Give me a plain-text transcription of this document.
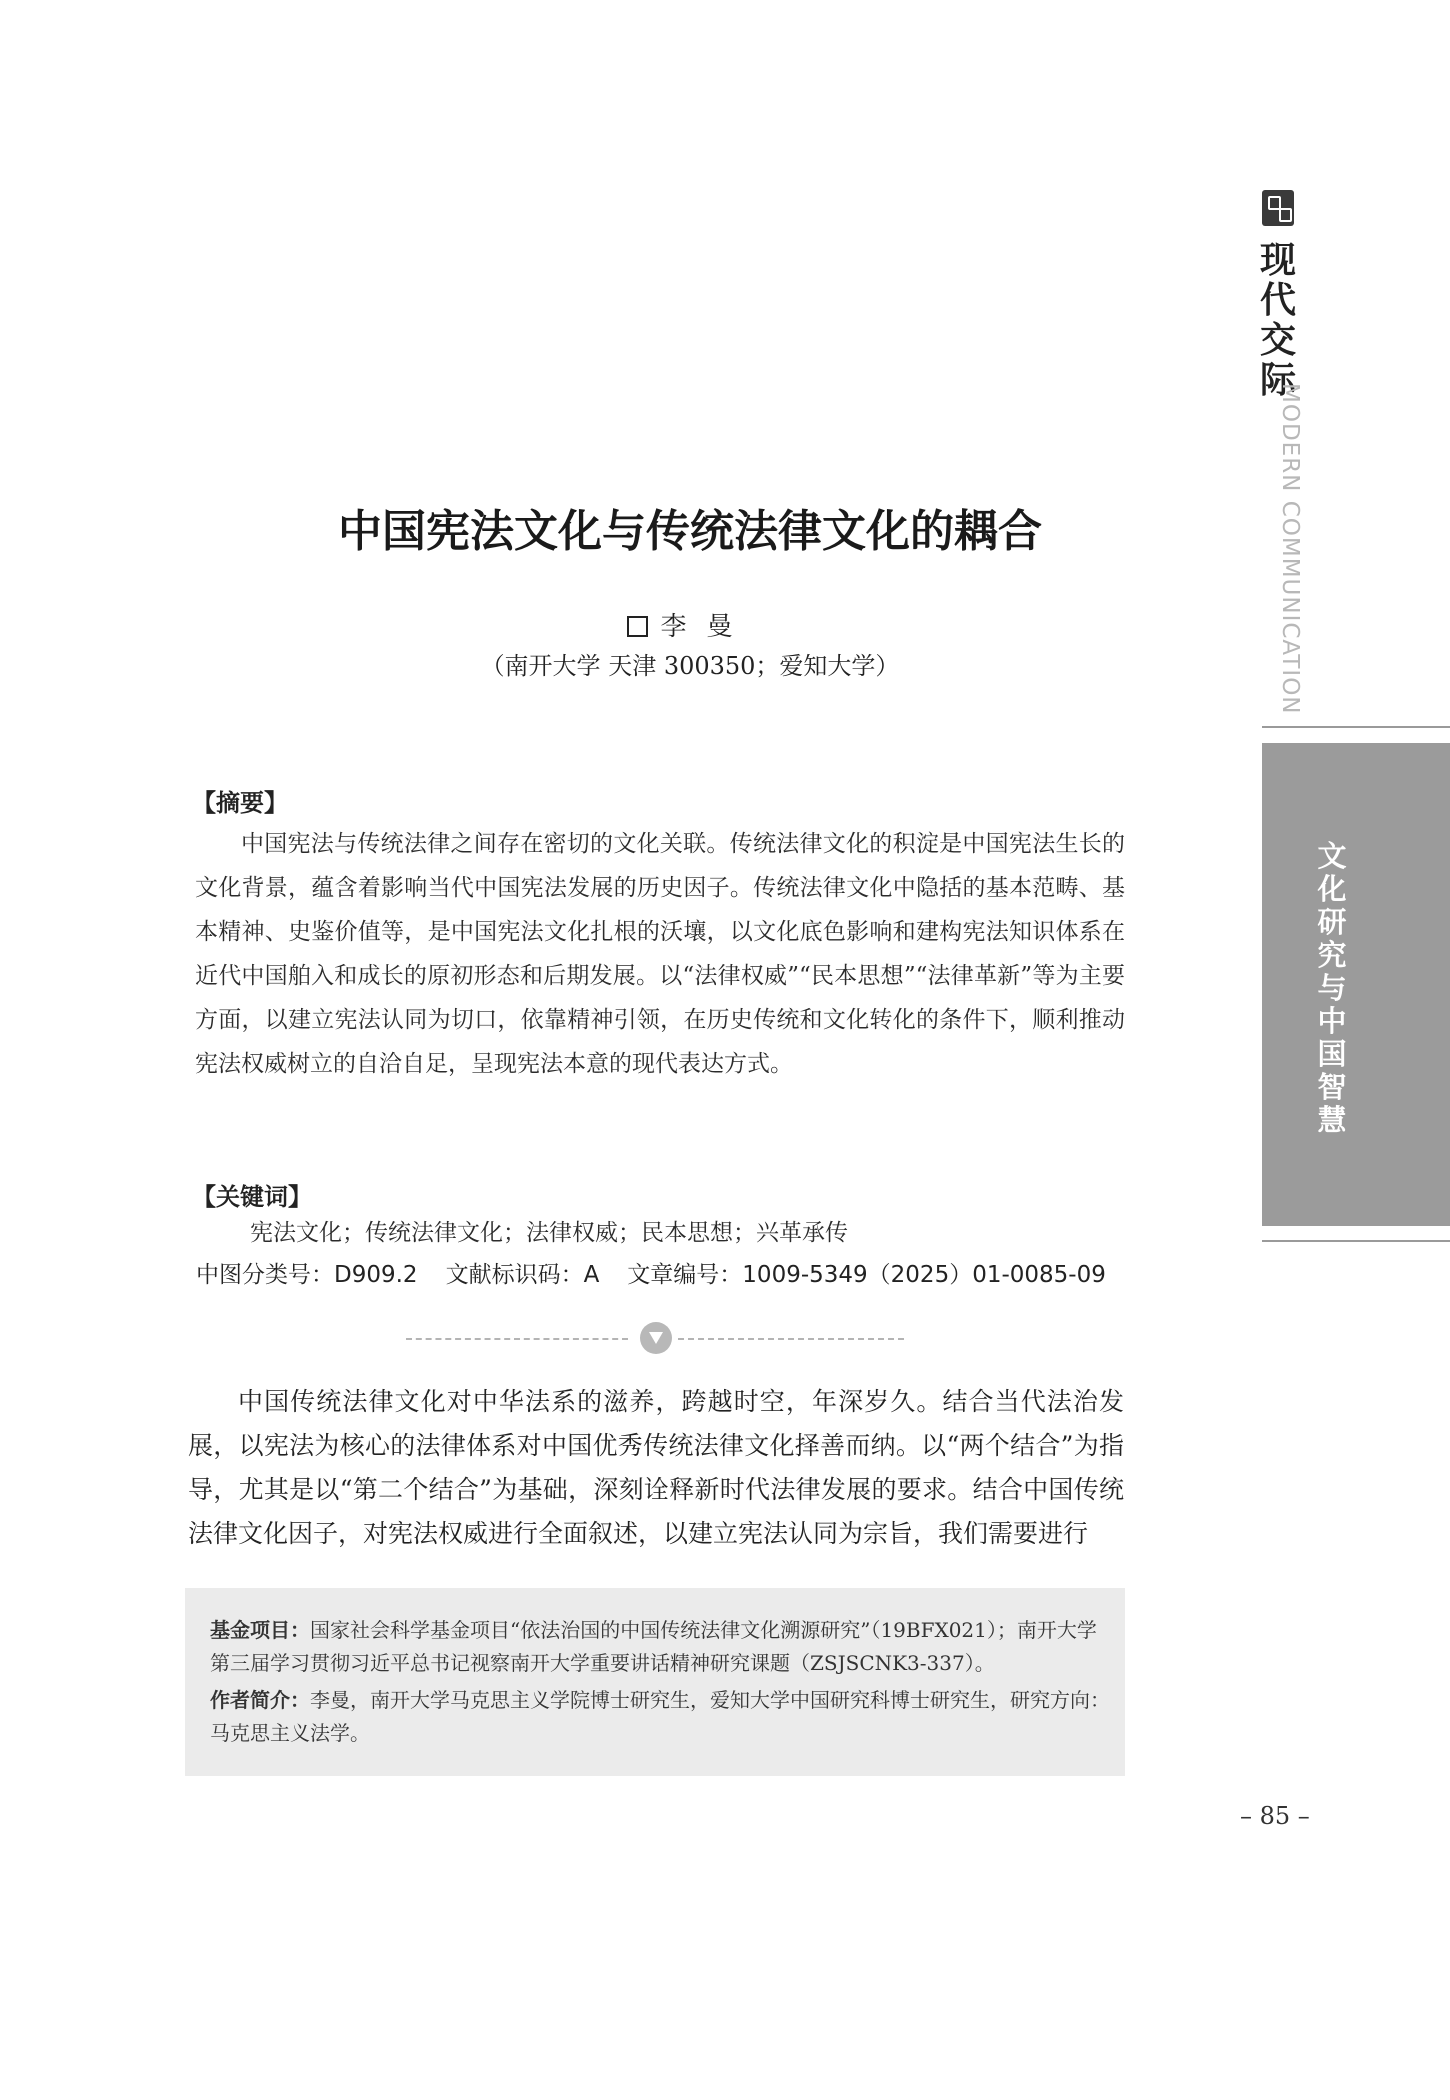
现代交际
MODERN COMMUNICATION
文化研究与中国智慧
中国宪法文化与传统法律文化的耦合
李曼
（南开大学 天津 300350；爱知大学）
【摘要】

中国宪法与传统法律之间存在密切的文化关联。传统法律文化的积淀是中国宪法生长的文化背景，蕴含着影响当代中国宪法发展的历史因子。传统法律文化中隐括的基本范畴、基本精神、史鉴价值等，是中国宪法文化扎根的沃壤，以文化底色影响和建构宪法知识体系在近代中国舶入和成长的原初形态和后期发展。以“法律权威”“民本思想”“法律革新”等为主要方面，以建立宪法认同为切口，依靠精神引领，在历史传统和文化转化的条件下，顺利推动宪法权威树立的自洽自足，呈现宪法本意的现代表达方式。

【关键词】
宪法文化；传统法律文化；法律权威；民本思想；兴革承传
中图分类号：D909.2 文献标识码：A 文章编号：1009-5349（2025）01-0085-09

中国传统法律文化对中华法系的滋养，跨越时空，年深岁久。结合当代法治发展，以宪法为核心的法律体系对中国优秀传统法律文化择善而纳。以“两个结合”为指导，尤其是以“第二个结合”为基础，深刻诠释新时代法律发展的要求。结合中国传统法律文化因子，对宪法权威进行全面叙述，以建立宪法认同为宗旨，我们需要进行

基金项目：国家社会科学基金项目“依法治国的中国传统法律文化溯源研究”（19BFX021）；南开大学第三届学习贯彻习近平总书记视察南开大学重要讲话精神研究课题（ZSJSCNK3-337）。

作者简介：李曼，南开大学马克思主义学院博士研究生，爱知大学中国研究科博士研究生，研究方向：马克思主义法学。

– 85 –
